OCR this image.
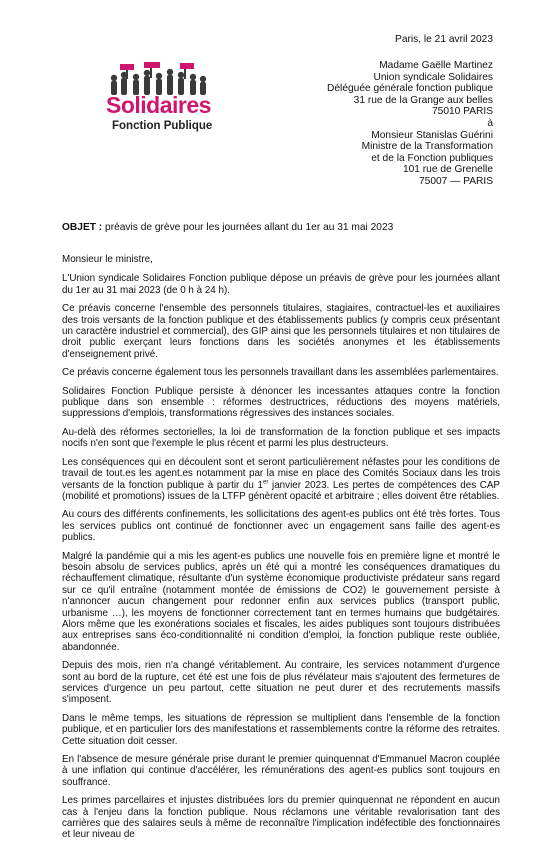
Paris, le 21 avril 2023
Solidaires
Fonction Publique
Madame Gaëlle Martinez
Union syndicale Solidaires
Déléguée générale fonction publique
31 rue de la Grange aux belles
75010 PARIS
à
Monsieur Stanislas Guérini
Ministre de la Transformation
et de la Fonction publiques
101 rue de Grenelle
75007 — PARIS
OBJET : préavis de grève pour les journées allant du 1er au 31 mai 2023

Monsieur le ministre,

L'Union syndicale Solidaires Fonction publique dépose un préavis de grève pour les journées allant du 1er au 31 mai 2023 (de 0 h à 24 h).

Ce préavis concerne l'ensemble des personnels titulaires, stagiaires, contractuel-les et auxiliaires des trois versants de la fonction publique et des établissements publics (y compris ceux présentant un caractère industriel et commercial), des GIP ainsi que les personnels titulaires et non titulaires de droit public exerçant leurs fonctions dans les sociétés anonymes et les établissements d'enseignement privé.

Ce préavis concerne également tous les personnels travaillant dans les assemblées parlementaires.

Solidaires Fonction Publique persiste à dénoncer les incessantes attaques contre la fonction publique dans son ensemble : réformes destructrices, réductions des moyens matériels, suppressions d'emplois, transformations régressives des instances sociales.

Au-delà des réformes sectorielles, la loi de transformation de la fonction publique et ses impacts nocifs n'en sont que l'exemple le plus récent et parmi les plus destructeurs.

Les conséquences qui en découlent sont et seront particulièrement néfastes pour les conditions de travail de tout.es les agent.es notamment par la mise en place des Comités Sociaux dans les trois versants de la fonction publique à partir du 1er janvier 2023. Les pertes de compétences des CAP (mobilité et promotions) issues de la LTFP génèrent opacité et arbitraire ; elles doivent être rétablies.

Au cours des différents confinements, les sollicitations des agent-es publics ont été très fortes. Tous les services publics ont continué de fonctionner avec un engagement sans faille des agent-es publics.

Malgré la pandémie qui a mis les agent-es publics une nouvelle fois en première ligne et montré le besoin absolu de services publics, après un été qui a montré les conséquences dramatiques du réchauffement climatique, résultante d'un système économique productiviste prédateur sans regard sur ce qu'il entraîne (notamment montée de émissions de CO2) le gouvernement persiste à n'annoncer aucun changement pour redonner enfin aux services publics (transport public, urbanisme …), les moyens de fonctionner correctement tant en termes humains que budgétaires. Alors même que les exonérations sociales et fiscales, les aides publiques sont toujours distribuées aux entreprises sans éco-conditionnalité ni condition d'emploi, la fonction publique reste oubliée, abandonnée.

Depuis des mois, rien n'a changé véritablement. Au contraire, les services notamment d'urgence sont au bord de la rupture, cet été est une fois de plus révélateur mais s'ajoutent des fermetures de services d'urgence un peu partout, cette situation ne peut durer et des recrutements massifs s'imposent.

Dans le même temps, les situations de répression se multiplient dans l'ensemble de la fonction publique, et en particulier lors des manifestations et rassemblements contre la réforme des retraites. Cette situation doit cesser.

En l'absence de mesure générale prise durant le premier quinquennat d'Emmanuel Macron couplée à une inflation qui continue d'accélérer, les rémunérations des agent-es publics sont toujours en souffrance.

Les primes parcellaires et injustes distribuées lors du premier quinquennat ne répondent en aucun cas à l'enjeu dans la fonction publique. Nous réclamons une véritable revalorisation tant des carrières que des salaires seuls à même de reconnaître l'implication indéfectible des fonctionnaires et leur niveau de
